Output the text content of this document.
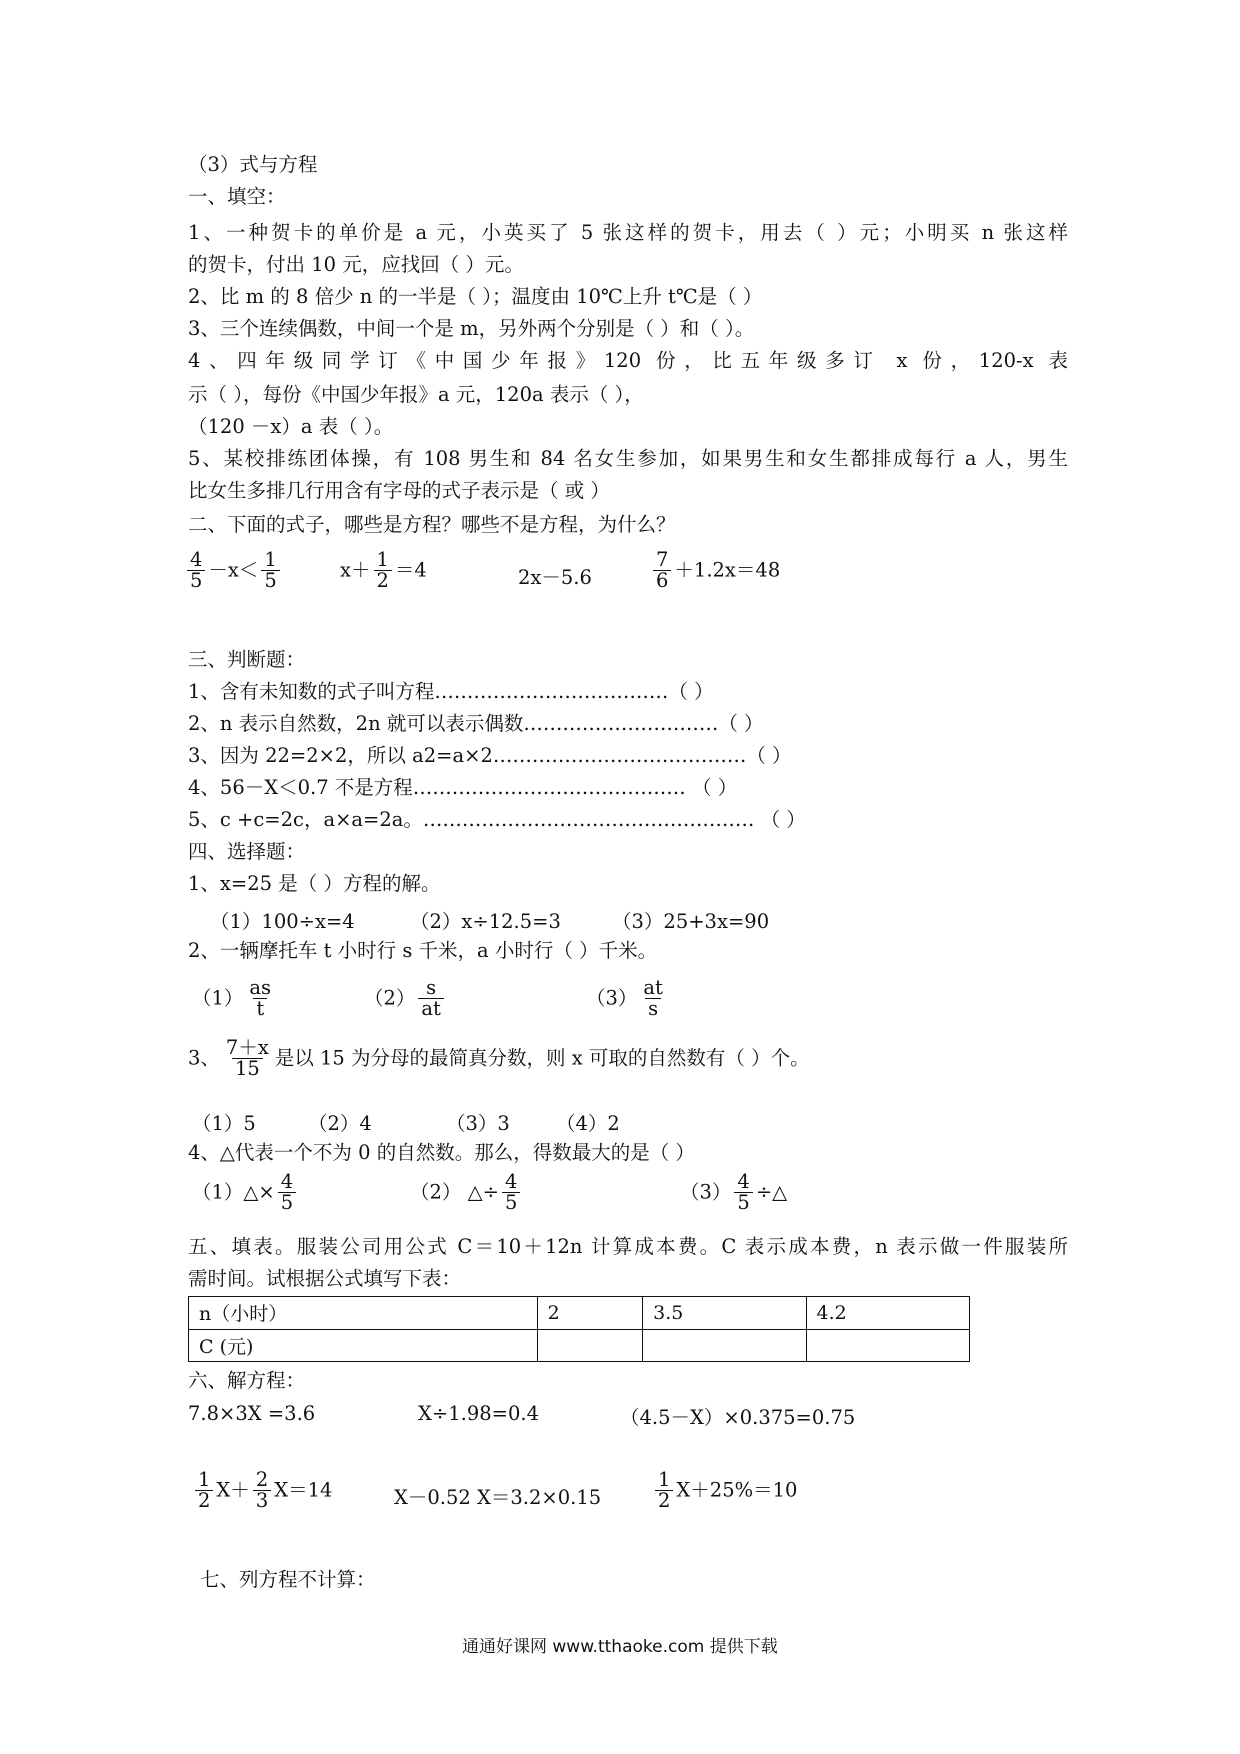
（3）式与方程
一、填空：
1、一种贺卡的单价是 a 元，小英买了 5 张这样的贺卡，用去（ ）元；小明买 n 张这样
的贺卡，付出 10 元，应找回（ ）元。
2、比 m 的 8 倍少 n 的一半是（ ）；温度由 10℃上升 t℃是（ ）
3、三个连续偶数，中间一个是 m，另外两个分别是（ ）和（ ）。
4、四年级同学订《中国少年报》120 份，比五年级多订 x 份，120-x 表
示（ ），每份《中国少年报》a 元，120a 表示（ ），
（120 －x）a 表（ ）。
5、某校排练团体操，有 108 男生和 84 名女生参加，如果男生和女生都排成每行 a 人，男生
比女生多排几行用含有字母的式子表示是（ 或 ）
二、下面的式子，哪些是方程？哪些不是方程，为什么？
$\frac{4}{5} -x< \frac{1}{5}$	$x+ \frac{1}{2} =4$	2x－5.6	$\frac{7}{6} +1.2x=48$
三、判断题：
1、含有未知数的式子叫方程………………………………（ ）
2、n 表示自然数，2n 就可以表示偶数…………………………（ ）
3、因为 22=2×2，所以 a2=a×2…………………………………（ ）
4、56－X＜0.7 不是方程…………………………………… （ ）
5、c +c=2c，a×a=2a。…………………………………………… （ ）
四、选择题：
1、x=25 是（ ）方程的解。
（1）100÷x=4	（2）x÷12.5=3	（3）25+3x=90
2、一辆摩托车 t 小时行 s 千米，a 小时行（ ）千米。
$(1) \frac{as}{t}$	$(2) \frac{s}{at}$	$(3) \frac{at}{s}$
3、 $\frac{7+x}{15}$ 是以 15 为分母的最简真分数，则 x 可取的自然数有（ ）个。
（1）5	（2）4	（3）3 （4）2
4、△代表一个不为 0 的自然数。那么，得数最大的是（ ）
（1）△× $\frac{4}{5}$	（2） △÷ $\frac{4}{5}$	$(3) \frac{4}{5}$ ÷△
五、填表。服装公司用公式 C＝10＋12n 计算成本费。C 表示成本费，n 表示做一件服装所
需时间。试根据公式填写下表：
n（小时）	2	3.5	4.2
C (元)			
六、解方程：
7.8×3X =3.6	X÷1.98=0.4	（4.5－X）×0.375=0.75
$\frac{1}{2} X+ \frac{2}{3} X=14$	X－0.52 X＝3.2×0.15	$\frac{1}{2} X+25\%=10$
七、列方程不计算：
通通好课网 www.tthaoke.com 提供下载
